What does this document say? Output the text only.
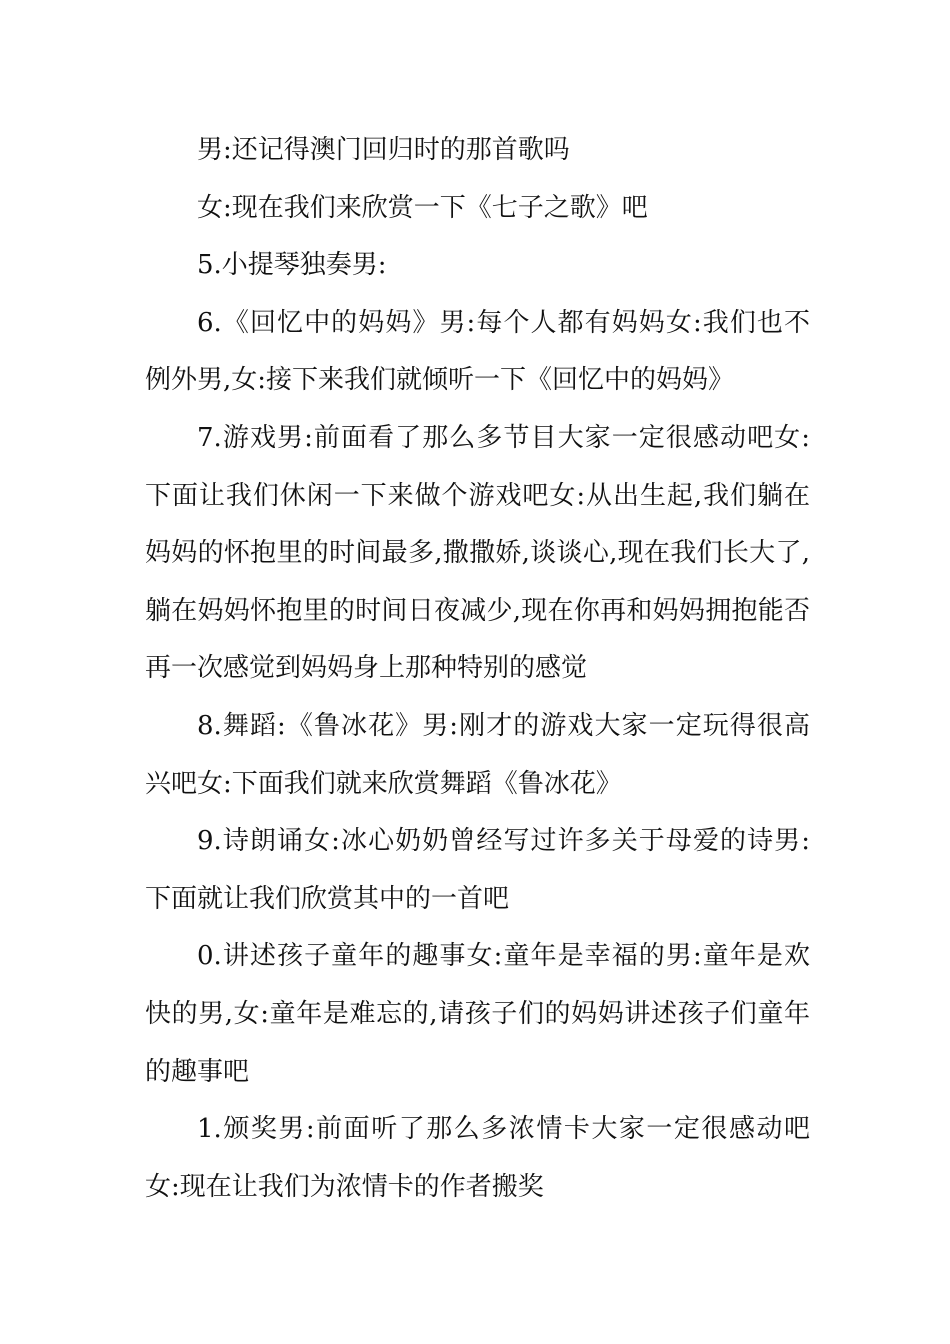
男:还记得澳门回归时的那首歌吗

女:现在我们来欣赏一下《七子之歌》吧

5.小提琴独奏男:

6.《回忆中的妈妈》男:每个人都有妈妈女:我们也不例外男,女:接下来我们就倾听一下《回忆中的妈妈》

7.游戏男:前面看了那么多节目大家一定很感动吧女:下面让我们休闲一下来做个游戏吧女:从出生起,我们躺在妈妈的怀抱里的时间最多,撒撒娇,谈谈心,现在我们长大了,躺在妈妈怀抱里的时间日夜减少,现在你再和妈妈拥抱能否再一次感觉到妈妈身上那种特别的感觉

8.舞蹈:《鲁冰花》男:刚才的游戏大家一定玩得很高兴吧女:下面我们就来欣赏舞蹈《鲁冰花》

9.诗朗诵女:冰心奶奶曾经写过许多关于母爱的诗男:下面就让我们欣赏其中的一首吧

0.讲述孩子童年的趣事女:童年是幸福的男:童年是欢快的男,女:童年是难忘的,请孩子们的妈妈讲述孩子们童年的趣事吧

1.颁奖男:前面听了那么多浓情卡大家一定很感动吧女:现在让我们为浓情卡的作者搬奖
